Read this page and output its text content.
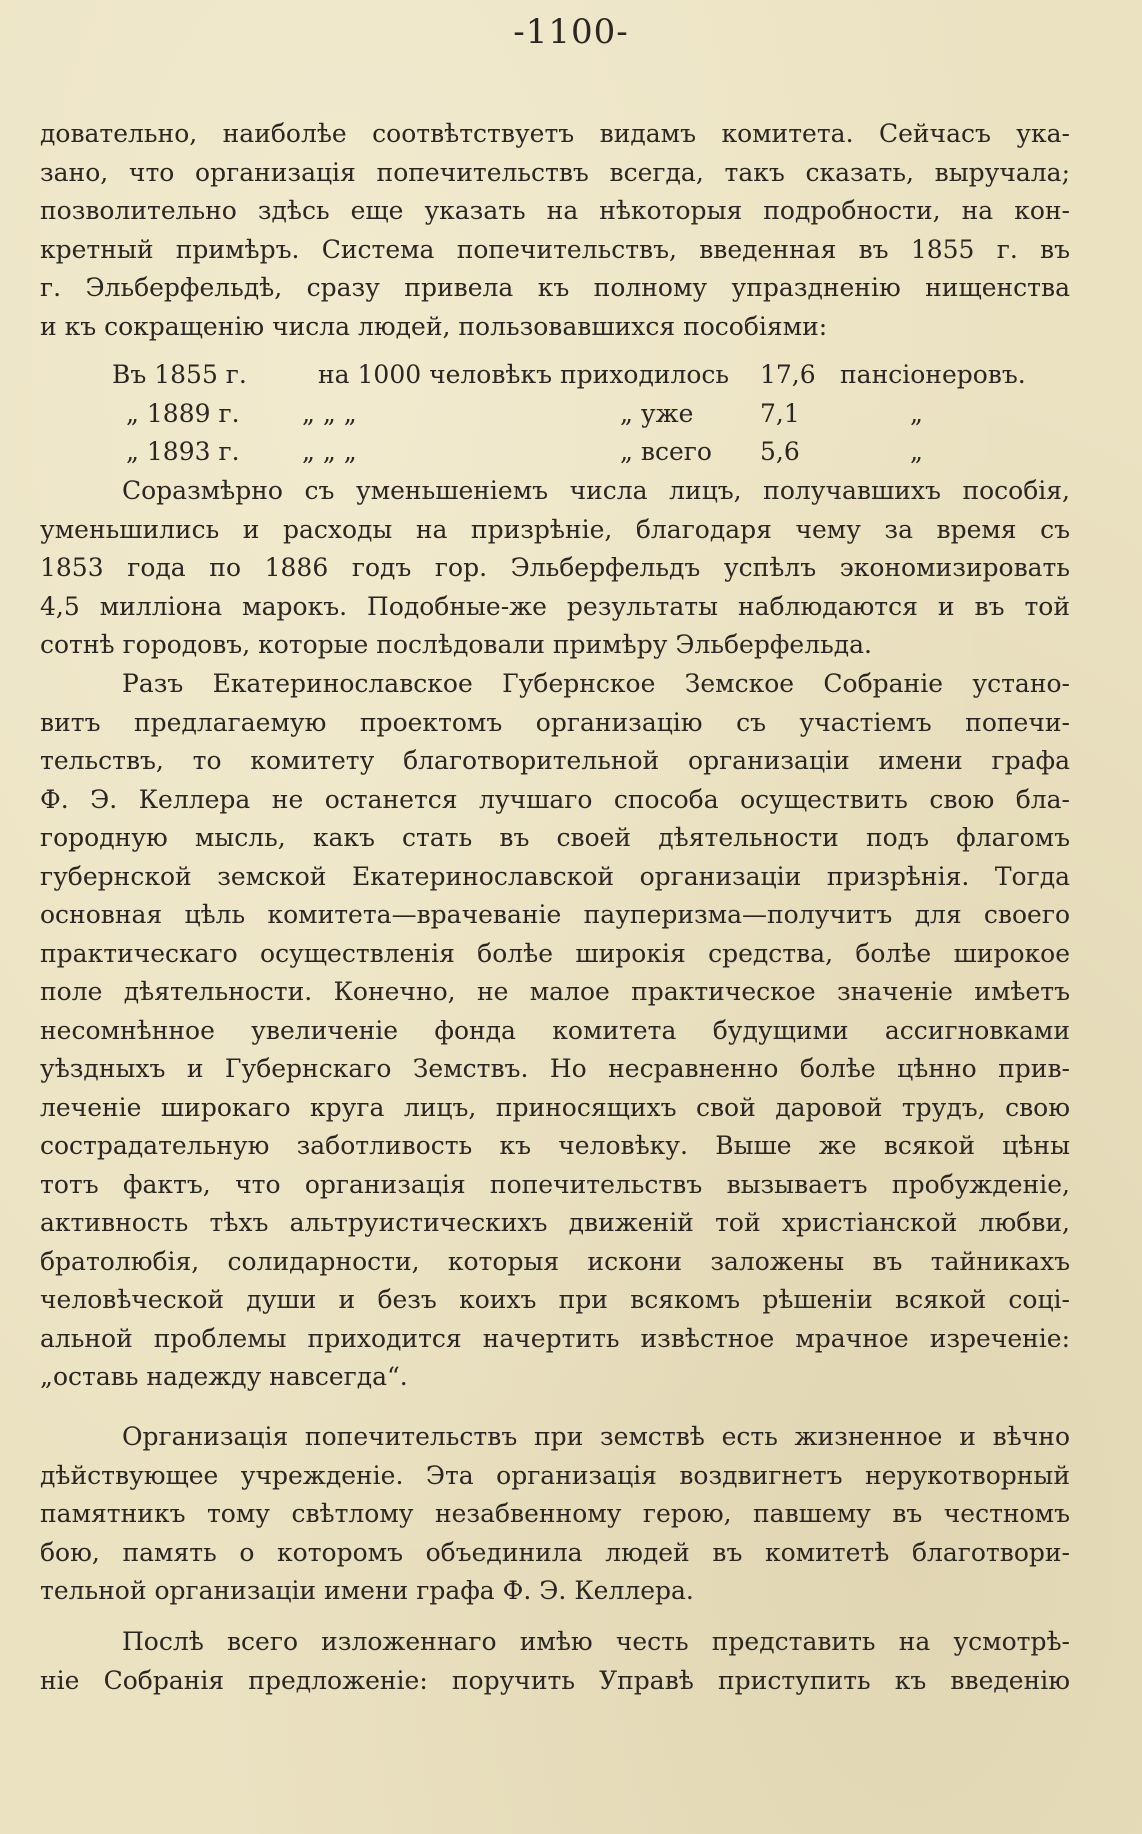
-1100-
довательно, наиболѣе соотвѣтствуетъ видамъ комитета. Сейчасъ ука-
зано, что организація попечительствъ всегда, такъ сказать, выручала;
позволительно здѣсь еще указать на нѣкоторыя подробности, на кон-
кретный примѣръ. Система попечительствъ, введенная въ 1855 г. въ
г. Эльберфельдѣ, сразу привела къ полному упраздненію нищенства
и къ сокращенію числа людей, пользовавшихся пособіями:
Въ 1855 г.	на 1000 человѣкъ приходилось 17,6 пансіонеровъ.
„ 1889 г. „ „ „	„ уже	7,1	„
„ 1893 г. „ „ „	„ всего 5,6	„
Соразмѣрно съ уменьшеніемъ числа лицъ, получавшихъ пособія,
уменьшились и расходы на призрѣніе, благодаря чему за время съ
1853 года по 1886 годъ гор. Эльберфельдъ успѣлъ экономизировать
4,5 милліона марокъ. Подобные-же результаты наблюдаются и въ той
сотнѣ городовъ, которые послѣдовали примѣру Эльберфельда.
Разъ Екатеринославское Губернское Земское Собраніе устано-
витъ предлагаемую проектомъ организацію съ участіемъ попечи-
тельствъ, то комитету благотворительной организаціи имени графа
Ф. Э. Келлера не останется лучшаго способа осуществить свою бла-
городную мысль, какъ стать въ своей дѣятельности подъ флагомъ
губернской земской Екатеринославской организаціи призрѣнія. Тогда
основная цѣль комитета—врачеваніе пауперизма—получитъ для своего
практическаго осуществленія болѣе широкія средства, болѣе широкое
поле дѣятельности. Конечно, не малое практическое значеніе имѣетъ
несомнѣнное увеличеніе фонда комитета будущими ассигновками
уѣздныхъ и Губернскаго Земствъ. Но несравненно болѣе цѣнно прив-
леченіе широкаго круга лицъ, приносящихъ свой даровой трудъ, свою
сострадательную заботливость къ человѣку. Выше же всякой цѣны
тотъ фактъ, что организація попечительствъ вызываетъ пробужденіе,
активность тѣхъ альтруистическихъ движеній той христіанской любви,
братолюбія, солидарности, которыя искони заложены въ тайникахъ
человѣческой души и безъ коихъ при всякомъ рѣшеніи всякой соці-
альной проблемы приходится начертить извѣстное мрачное изреченіе:
„оставь надежду навсегда“.
Организація попечительствъ при земствѣ есть жизненное и вѣчно
дѣйствующее учрежденіе. Эта организація воздвигнетъ нерукотворный
памятникъ тому свѣтлому незабвенному герою, павшему въ честномъ
бою, память о которомъ объединила людей въ комитетѣ благотвори-
тельной организаціи имени графа Ф. Э. Келлера.
Послѣ всего изложеннаго имѣю честь представить на усмотрѣ-
ніе Собранія предложеніе: поручить Управѣ приступить къ введенію
